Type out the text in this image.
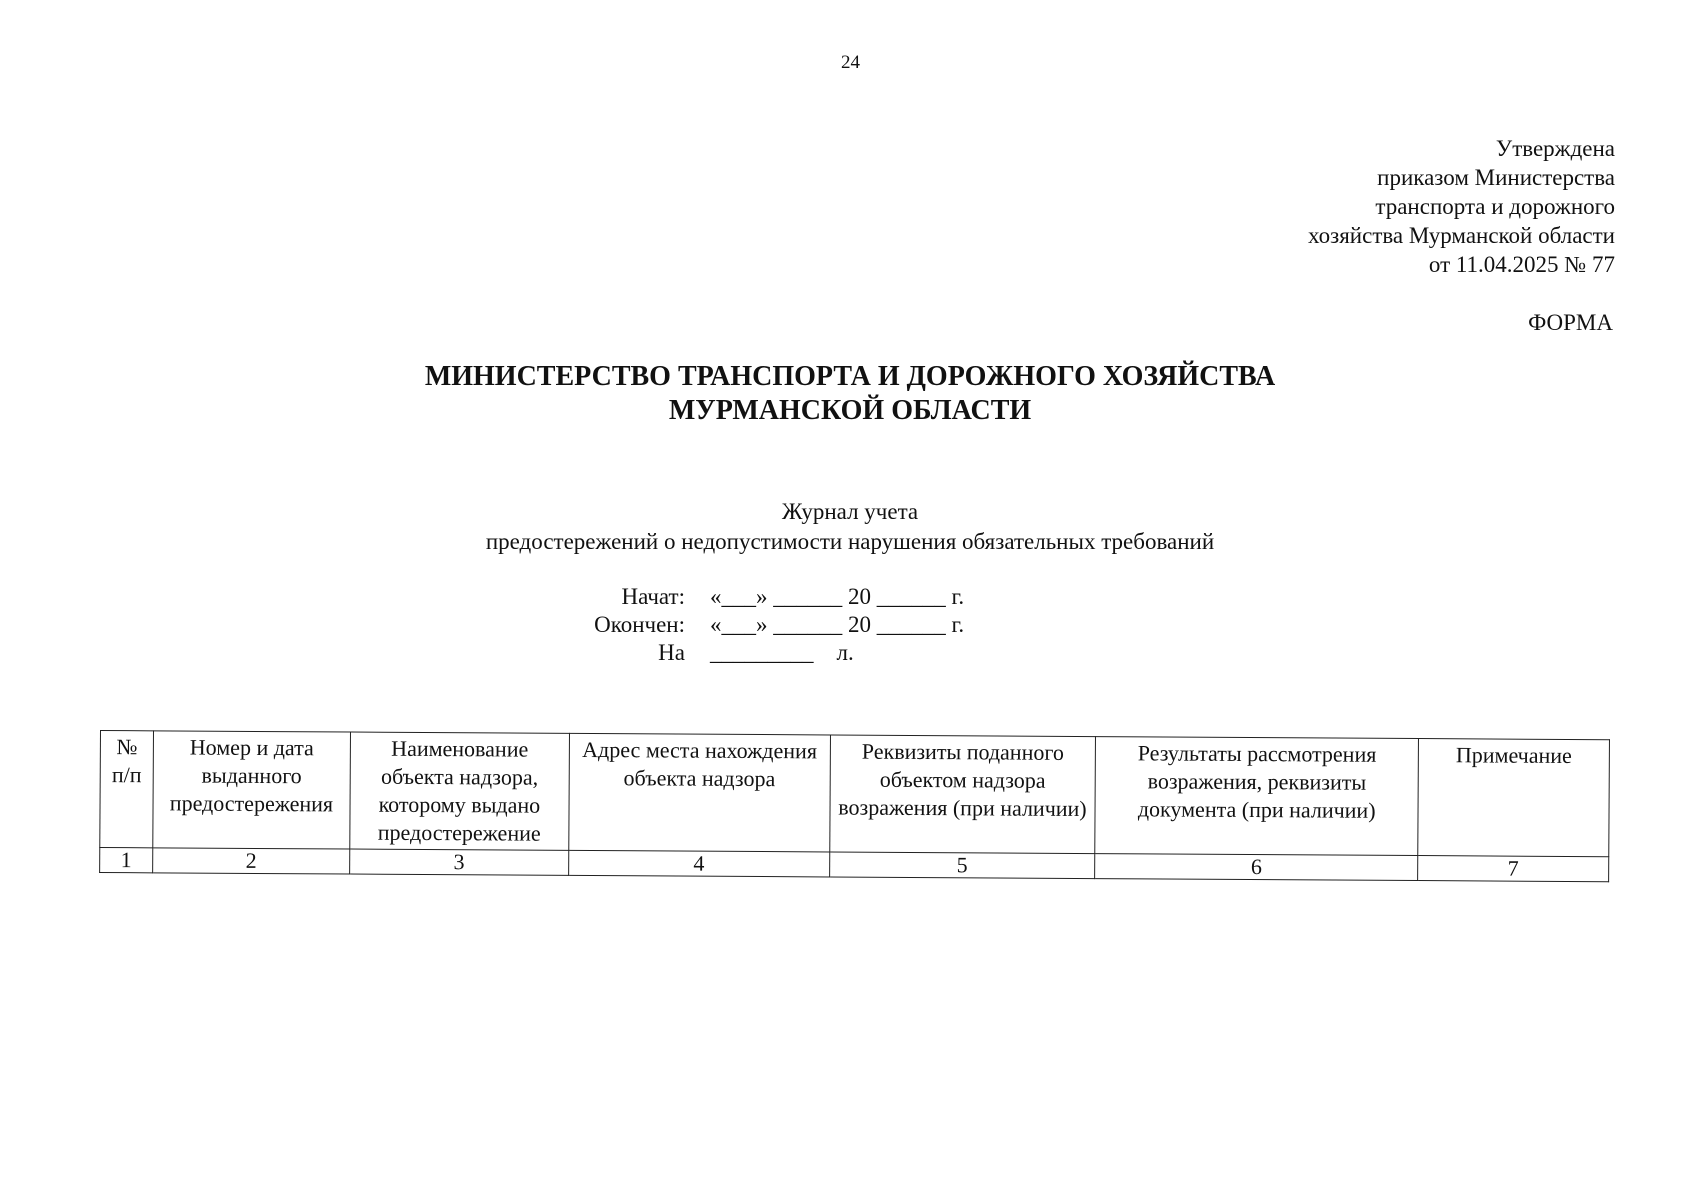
24
Утверждена
приказом Министерства
транспорта и дорожного
хозяйства Мурманской области
от 11.04.2025 № 77
ФОРМА
МИНИСТЕРСТВО ТРАНСПОРТА И ДОРОЖНОГО ХОЗЯЙСТВА
МУРМАНСКОЙ ОБЛАСТИ
Журнал учета
предостережений о недопустимости нарушения обязательных требований
Начат:	«___» ______ 20 ______ г.
Окончен:	«___» ______ 20 ______ г.
На	_________    л.
№ п/п	Номер и дата выданного предостережения	Наименование объекта надзора, которому выдано предостережение	Адрес места нахождения объекта надзора	Реквизиты поданного объектом надзора возражения (при наличии)	Результаты рассмотрения возражения, реквизиты документа (при наличии)	Примечание
1	2	3	4	5	6	7
